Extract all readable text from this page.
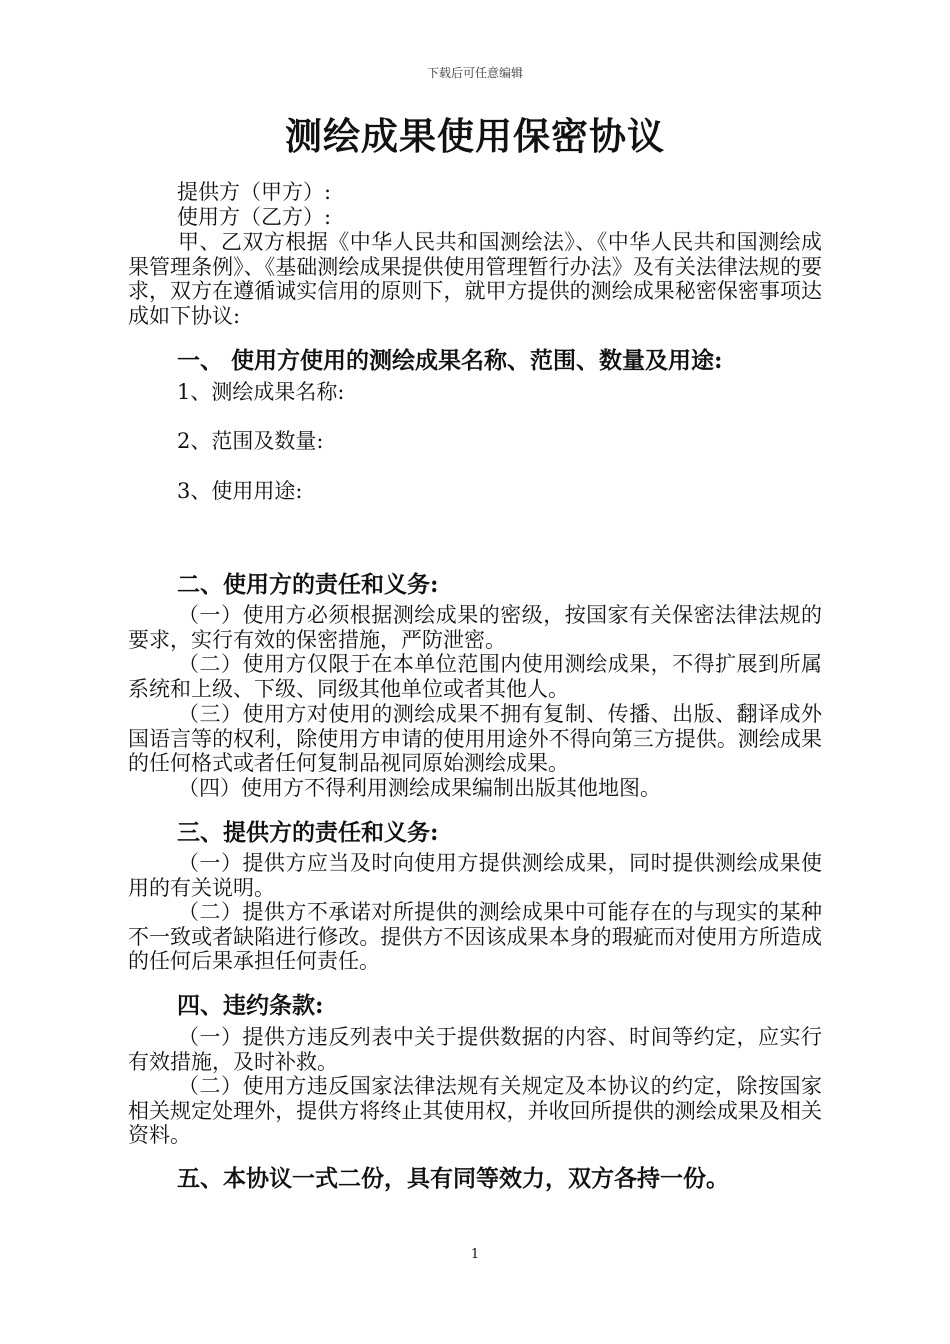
下载后可任意编辑
测绘成果使用保密协议
提供方（甲方）:
使用方（乙方）:
甲、乙双方根据《中华人民共和国测绘法》、《中华人民共和国测绘成果管理条例》、《基础测绘成果提供使用管理暂行办法》及有关法律法规的要求，双方在遵循诚实信用的原则下，就甲方提供的测绘成果秘密保密事项达成如下协议:
一、 使用方使用的测绘成果名称、范围、数量及用途:
1、测绘成果名称:
2、范围及数量:
3、使用用途:
二、使用方的责任和义务:
（一）使用方必须根据测绘成果的密级，按国家有关保密法律法规的要求，实行有效的保密措施，严防泄密。
（二）使用方仅限于在本单位范围内使用测绘成果，不得扩展到所属系统和上级、下级、同级其他单位或者其他人。
（三）使用方对使用的测绘成果不拥有复制、传播、出版、翻译成外国语言等的权利，除使用方申请的使用用途外不得向第三方提供。测绘成果的任何格式或者任何复制品视同原始测绘成果。
（四）使用方不得利用测绘成果编制出版其他地图。
三、提供方的责任和义务:
（一）提供方应当及时向使用方提供测绘成果，同时提供测绘成果使用的有关说明。
（二）提供方不承诺对所提供的测绘成果中可能存在的与现实的某种不一致或者缺陷进行修改。提供方不因该成果本身的瑕疵而对使用方所造成的任何后果承担任何责任。
四、违约条款:
（一）提供方违反列表中关于提供数据的内容、时间等约定，应实行有效措施，及时补救。
（二）使用方违反国家法律法规有关规定及本协议的约定，除按国家相关规定处理外，提供方将终止其使用权，并收回所提供的测绘成果及相关资料。
五、本协议一式二份，具有同等效力，双方各持一份。
1
